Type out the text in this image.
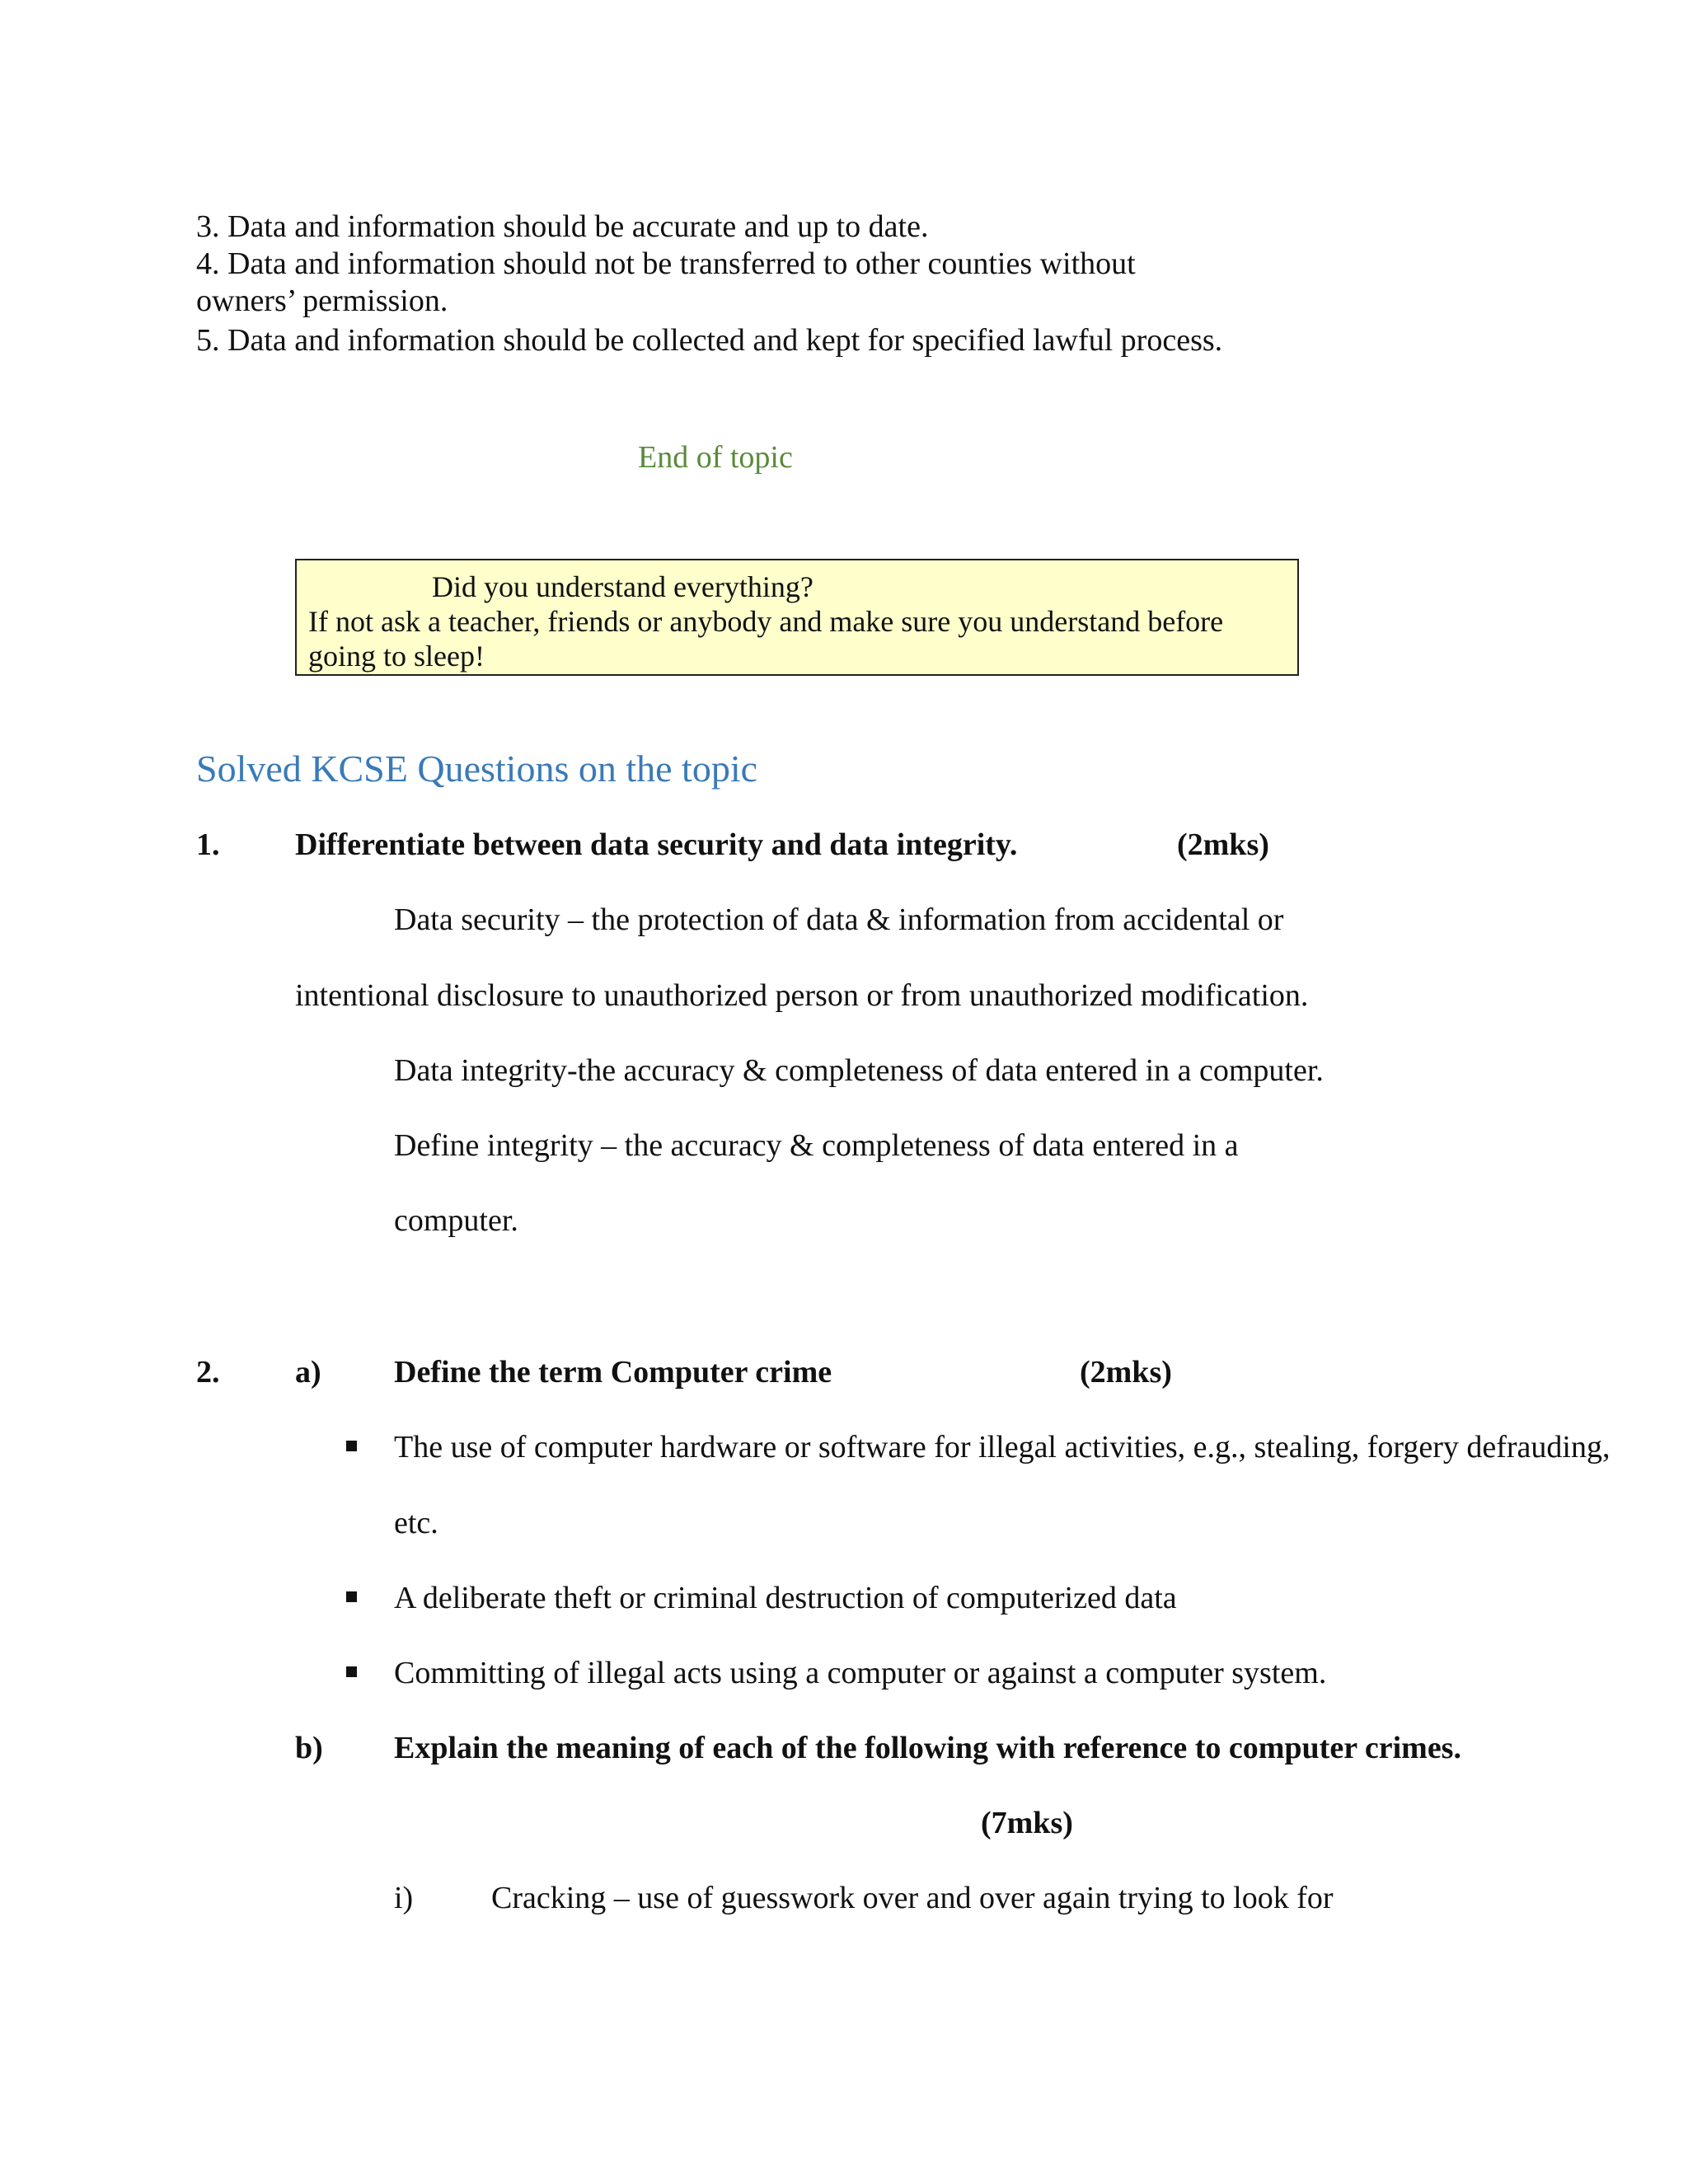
3. Data and information should be accurate and up to date.
4. Data and information should not be transferred to other counties without
owners’ permission.
5. Data and information should be collected and kept for specified lawful process.
End of topic
Did you understand everything?
If not ask a teacher, friends or anybody and make sure you understand before
going to sleep!
Solved KCSE Questions on the topic
1. Differentiate between data security and data integrity.	(2mks)
Data security – the protection of data & information from accidental or
intentional disclosure to unauthorized person or from unauthorized modification.
Data integrity-the accuracy & completeness of data entered in a computer.
Define integrity – the accuracy & completeness of data entered in a
computer.
2. a) Define the term Computer crime	(2mks)
The use of computer hardware or software for illegal activities, e.g., stealing, forgery defrauding,
etc.
A deliberate theft or criminal destruction of computerized data
Committing of illegal acts using a computer or against a computer system.
b) Explain the meaning of each of the following with reference to computer crimes.
(7mks)
i) Cracking – use of guesswork over and over again trying to look for
